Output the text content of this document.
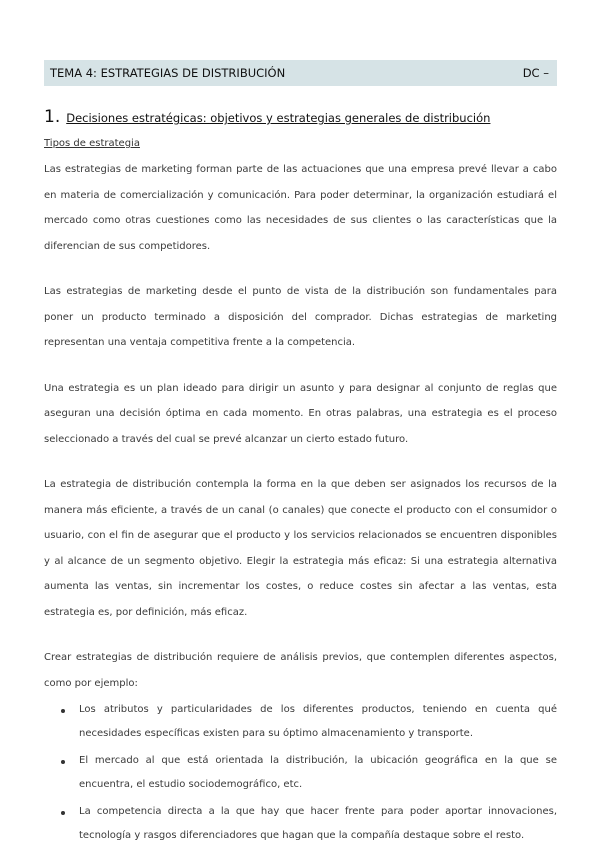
TEMA 4: ESTRATEGIAS DE DISTRIBUCIÓN	DC –
1. Decisiones estratégicas: objetivos y estrategias generales de distribución
Tipos de estrategia

Las estrategias de marketing forman parte de las actuaciones que una empresa prevé llevar a cabo en materia de comercialización y comunicación. Para poder determinar, la organización estudiará el mercado como otras cuestiones como las necesidades de sus clientes o las características que la diferencian de sus competidores.

Las estrategias de marketing desde el punto de vista de la distribución son fundamentales para poner un producto terminado a disposición del comprador. Dichas estrategias de marketing representan una ventaja competitiva frente a la competencia.

Una estrategia es un plan ideado para dirigir un asunto y para designar al conjunto de reglas que aseguran una decisión óptima en cada momento. En otras palabras, una estrategia es el proceso seleccionado a través del cual se prevé alcanzar un cierto estado futuro.

La estrategia de distribución contempla la forma en la que deben ser asignados los recursos de la manera más eficiente, a través de un canal (o canales) que conecte el producto con el consumidor o usuario, con el fin de asegurar que el producto y los servicios relacionados se encuentren disponibles y al alcance de un segmento objetivo. Elegir la estrategia más eficaz: Si una estrategia alternativa aumenta las ventas, sin incrementar los costes, o reduce costes sin afectar a las ventas, esta estrategia es, por definición, más eficaz.

Crear estrategias de distribución requiere de análisis previos, que contemplen diferentes aspectos, como por ejemplo:

Los atributos y particularidades de los diferentes productos, teniendo en cuenta qué necesidades específicas existen para su óptimo almacenamiento y transporte.
El mercado al que está orientada la distribución, la ubicación geográfica en la que se encuentra, el estudio sociodemográfico, etc.
La competencia directa a la que hay que hacer frente para poder aportar innovaciones, tecnología y rasgos diferenciadores que hagan que la compañía destaque sobre el resto.
